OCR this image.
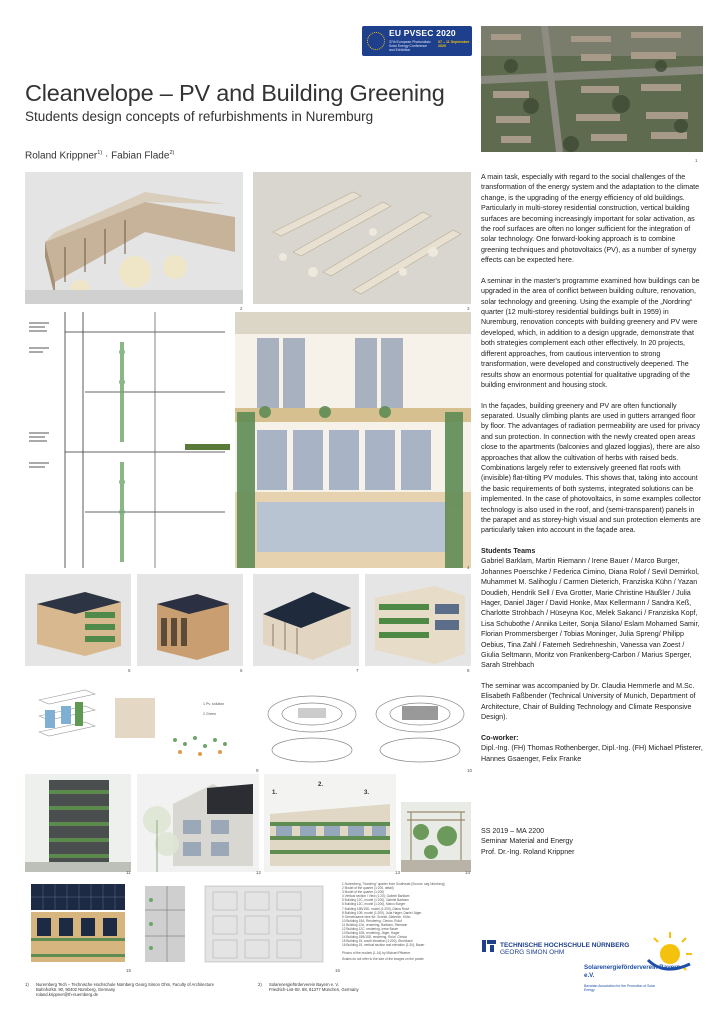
EU PVSEC 2020
37th European Photovoltaic Solar Energy Conference and Exhibition
07 – 11 September 2020
Cleanvelope – PV and Building Greening
Students design concepts of refurbishments in Nuremburg
Roland Krippner$^{1)}$ · Fabian Flade$^{2)}$
1
2	3
4
5	6	7	8
1 Pv. solution
2 Green
9	10
11	12
1.
2.
3.
13	14
15	16
1 Nuremberg, "Nordring" quarter from Southeast (Source: seg Nürnberg)
2 Model of the quarter (1:200, detail)
3 Model of the quarter (1:200)
4 Vertical section / View (1:20), Gabriel Barklam
5 Building 12C, model (1:200), Gabriel Barklam
6 Building 12C, model (1:200), Marco Burger
7 Building 15B/15D, model (1:200), Diana Rolof
8 Building 10B, model (1:200), Julia Hager, Daniel Jäger
9 Gemeinsame Idee für: Schnitt, Dieterich, Kühn
10 Building 15A, Rendering, Cimino, Rolof
11 Building 12A, rendering, Barklam, Riemann
12 Building 12C, rendering, Irene Bauer
13 Building 10B, rendering, Jäger, Hager
14 Building 15B/15D, rendering, Rolof, Cimino
15 Building 15, south elevation (1:200), Strohbach
16 Building 15, vertical section and elevation (1:20), Bauer
Photos of the models (1-16) by Michael Pfisterer
Scales do not refer to the size of the images on the poster.

A main task, especially with regard to the social challenges of the transformation of the energy system and the adaptation to the climate change, is the upgrading of the energy efficiency of old buildings. Particularly in multi-storey residential construction, vertical building surfaces are becoming increasingly important for solar activation, as the roof surfaces are often no longer sufficient for the integration of solar technology. One forward-looking approach is to combine greening techniques and photovoltaics (PV), as a number of synergy effects can be expected here.

A seminar in the master's programme examined how buildings can be upgraded in the area of conflict between building culture, renovation, solar technology and greening. Using the example of the „Nordring“ quarter (12 multi-storey residential buildings built in 1959) in Nuremburg, renovation concepts with building greenery and PV were developed, which, in addition to a design upgrade, demonstrate that both strategies complement each other effectively. In 20 projects, different approaches, from cautious intervention to strong transformation, were developed and constructively deepened. The results show an enormous potential for qualitative upgrading of the building environment and housing stock.

In the façades, building greenery and PV are often functionally separated. Usually climbing plants are used in gutters arranged floor by floor. The advantages of radiation permeability are used for privacy and sun protection. In connection with the newly created open areas close to the apartments (balconies and glazed loggias), there are also approaches that allow the cultivation of herbs with raised beds. Combinations largely refer to extensively greened flat roofs with (invisible) flat-tilting PV modules. This shows that, taking into account the basic requirements of both systems, integrated solutions can be implemented. In the case of photovoltaics, in some examples collector technology is also used in the roof, and (semi-transparent) panels in the parapet and as storey-high visual and sun protection elements are particularly taken into account in the façade area.

Students Teams

Gabriel Barklam, Martin Riemann / Irene Bauer / Marco Burger, Johannes Poerschke / Federica Cimino, Diana Rolof / Sevil Demirkol, Muhammet M. Salihoglu / Carmen Dieterich, Franziska Kühn / Yazan Doudieh, Hendrik Sell / Eva Grotter, Marie Christine Häußler / Julia Hager, Daniel Jäger / David Honke, Max Kellermann / Sandra Keß, Charlotte Strohbach / Hüseyna Koc, Melek Sakanci / Franziska Kopf, Lisa Schubothe / Annika Leiter, Sonja Silano/ Eslam Mohamed Samir, Florian Prommersberger / Tobias Moninger, Julia Spreng/ Philipp Oebius, Tina Zahl / Fatemeh Sedrehneshin, Vanessa van Zoest / Giulia Seltmann, Moritz von Frankenberg-Carbon / Marius Sperger, Sarah Strehbach

The seminar was accompanied by Dr. Claudia Hemmerle and M.Sc. Elisabeth Faßbender (Technical University of Munich, Department of Architecture, Chair of Building Technology and Climate Responsive Design).

Co-worker:

Dipl.-Ing. (FH) Thomas Rothenberger, Dipl.-Ing. (FH) Michael Pfisterer, Hannes Gsaenger, Felix Franke

SS 2019 – MA 2200
Seminar Material and Energy
Prof. Dr.-Ing. Roland Krippner
TECHNISCHE HOCHSCHULE NÜRNBERG
GEORG SIMON OHM
Solarenergieförderverein Bayern e.V.
Bavarian Association for the Promotion of Solar Energy
1)	Nuremberg Tech – Technische Hochschule Nürnberg Georg Simon Ohm, Faculty of Architecture
Bahnhofstr. 90, 90402 Nürnberg, Germany
roland.krippner@th-nuernberg.de
2)	Solarenergieförderverein Bayern e. V.
Friedrich-List-Str. 88, 81377 München, Germany
